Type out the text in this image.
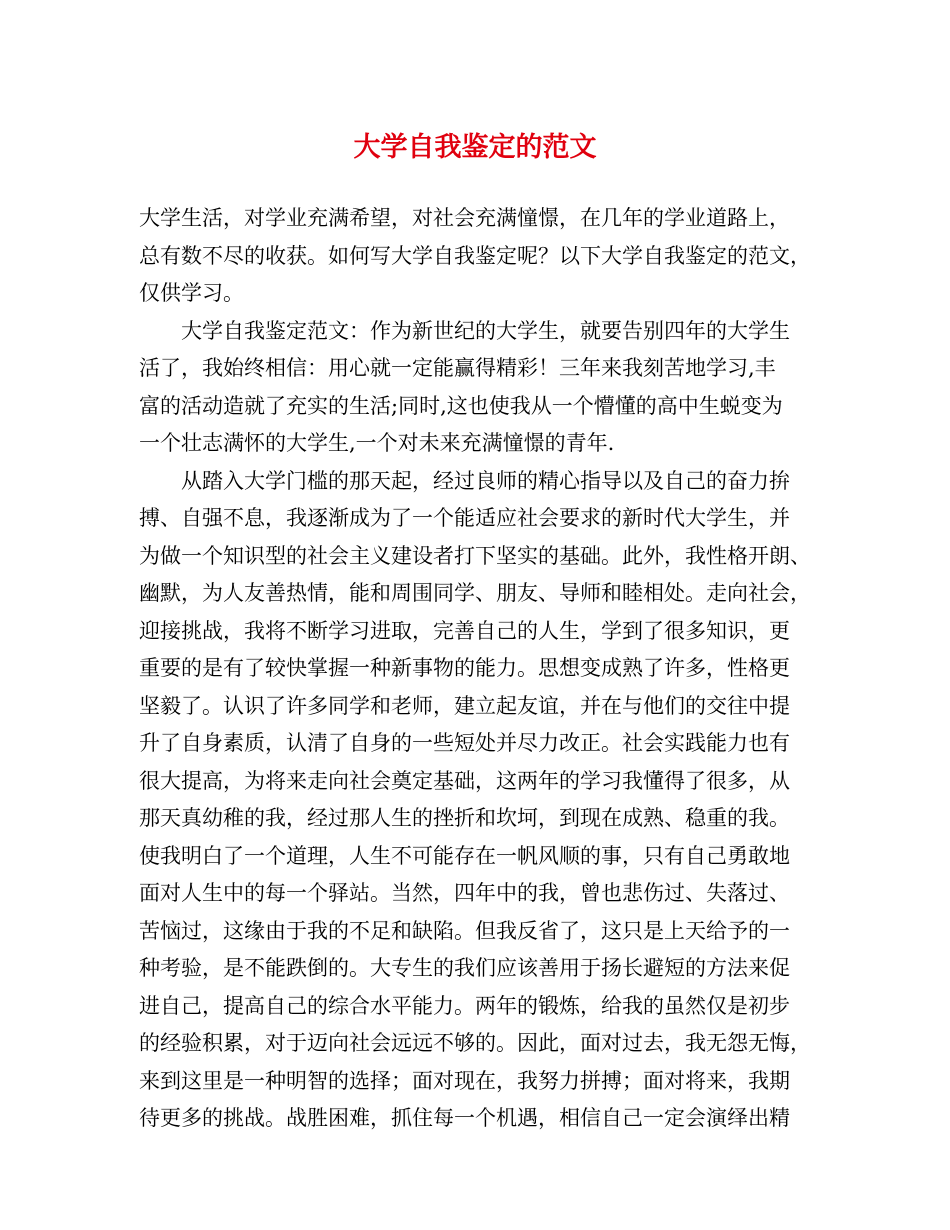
大学自我鉴定的范文

大学生活，对学业充满希望，对社会充满憧憬，在几年的学业道路上，
总有数不尽的收获。如何写大学自我鉴定呢？以下大学自我鉴定的范文，
仅供学习。

大学自我鉴定范文：作为新世纪的大学生，就要告别四年的大学生
活了，我始终相信：用心就一定能赢得精彩！三年来我刻苦地学习,丰
富的活动造就了充实的生活;同时,这也使我从一个懵懂的高中生蜕变为
一个壮志满怀的大学生,一个对未来充满憧憬的青年.

从踏入大学门槛的那天起，经过良师的精心指导以及自己的奋力拚
搏、自强不息，我逐渐成为了一个能适应社会要求的新时代大学生，并
为做一个知识型的社会主义建设者打下坚实的基础。此外，我性格开朗、
幽默，为人友善热情，能和周围同学、朋友、导师和睦相处。走向社会，
迎接挑战，我将不断学习进取，完善自己的人生，学到了很多知识，更
重要的是有了较快掌握一种新事物的能力。思想变成熟了许多，性格更
坚毅了。认识了许多同学和老师，建立起友谊，并在与他们的交往中提
升了自身素质，认清了自身的一些短处并尽力改正。社会实践能力也有
很大提高，为将来走向社会奠定基础，这两年的学习我懂得了很多，从
那天真幼稚的我，经过那人生的挫折和坎坷，到现在成熟、稳重的我。
使我明白了一个道理，人生不可能存在一帆风顺的事，只有自己勇敢地
面对人生中的每一个驿站。当然，四年中的我，曾也悲伤过、失落过、
苦恼过，这缘由于我的不足和缺陷。但我反省了，这只是上天给予的一
种考验，是不能跌倒的。大专生的我们应该善用于扬长避短的方法来促
进自己，提高自己的综合水平能力。两年的锻炼，给我的虽然仅是初步
的经验积累，对于迈向社会远远不够的。因此，面对过去，我无怨无悔，
来到这里是一种明智的选择；面对现在，我努力拼搏；面对将来，我期
待更多的挑战。战胜困难，抓住每一个机遇，相信自己一定会演绎出精
